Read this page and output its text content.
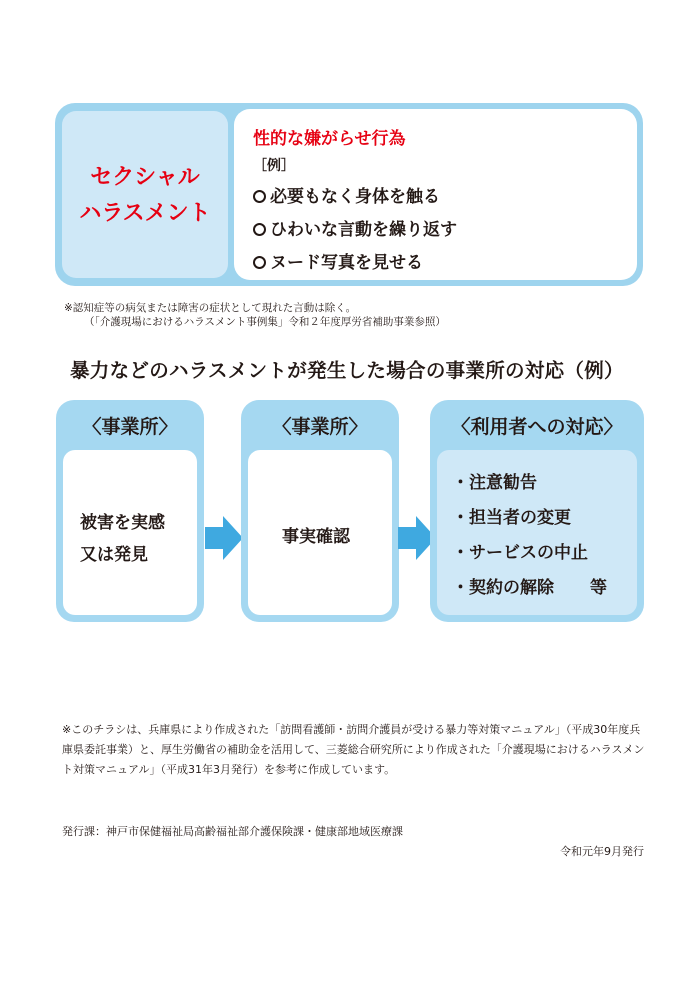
セクシャル
ハラスメント
性的な嫌がらせ行為
［例］
必要もなく身体を触る
ひわいな言動を繰り返す
ヌード写真を見せる
※認知症等の病気または障害の症状として現れた言動は除く。
（「介護現場におけるハラスメント事例集」令和２年度厚労省補助事業参照）
暴力などのハラスメントが発生した場合の事業所の対応（例）
〈事業所〉
被害を実感
又は発見
〈事業所〉
事実確認
〈利用者への対応〉
・注意勧告
・担当者の変更
・サービスの中止
・契約の解除 等
※このチラシは、兵庫県により作成された「訪問看護師・訪問介護員が受ける暴力等対策マニュアル」（平成30年度兵庫県委託事業）と、厚生労働省の補助金を活用して、三菱総合研究所により作成された「介護現場におけるハラスメント対策マニュアル」（平成31年3月発行）を参考に作成しています。
発行課：神戸市保健福祉局高齢福祉部介護保険課・健康部地域医療課
令和元年9月発行
